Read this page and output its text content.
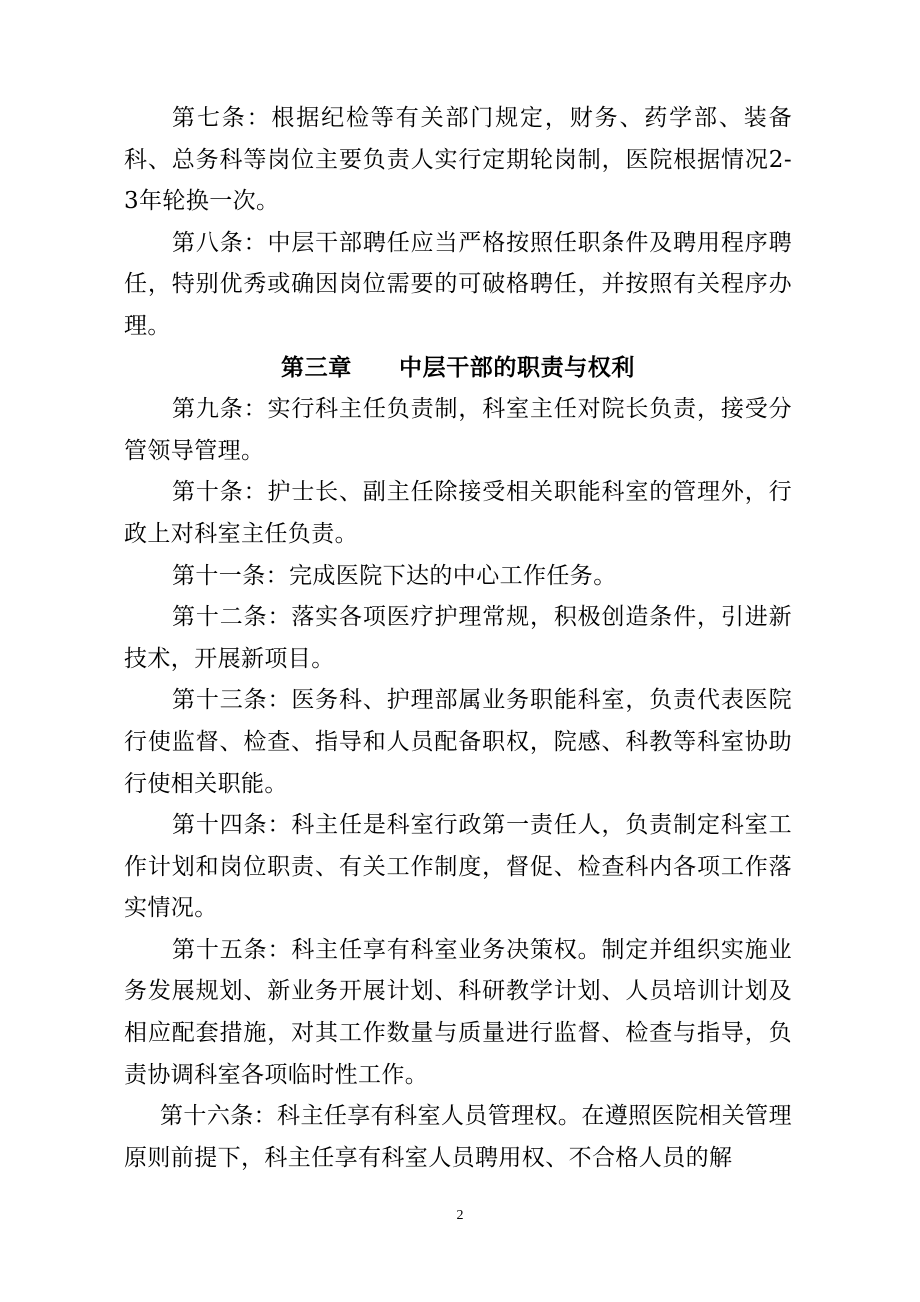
第七条：根据纪检等有关部门规定，财务、药学部、装备科、总务科等岗位主要负责人实行定期轮岗制，医院根据情况2-3年轮换一次。

第八条：中层干部聘任应当严格按照任职条件及聘用程序聘任，特别优秀或确因岗位需要的可破格聘任，并按照有关程序办理。

第三章　　中层干部的职责与权利

第九条：实行科主任负责制，科室主任对院长负责，接受分管领导管理。

第十条：护士长、副主任除接受相关职能科室的管理外，行政上对科室主任负责。

第十一条：完成医院下达的中心工作任务。

第十二条：落实各项医疗护理常规，积极创造条件，引进新技术，开展新项目。

第十三条：医务科、护理部属业务职能科室，负责代表医院行使监督、检查、指导和人员配备职权，院感、科教等科室协助行使相关职能。

第十四条：科主任是科室行政第一责任人，负责制定科室工作计划和岗位职责、有关工作制度，督促、检查科内各项工作落实情况。

第十五条：科主任享有科室业务决策权。制定并组织实施业务发展规划、新业务开展计划、科研教学计划、人员培训计划及相应配套措施，对其工作数量与质量进行监督、检查与指导，负责协调科室各项临时性工作。

第十六条：科主任享有科室人员管理权。在遵照医院相关管理原则前提下，科主任享有科室人员聘用权、不合格人员的解

2
